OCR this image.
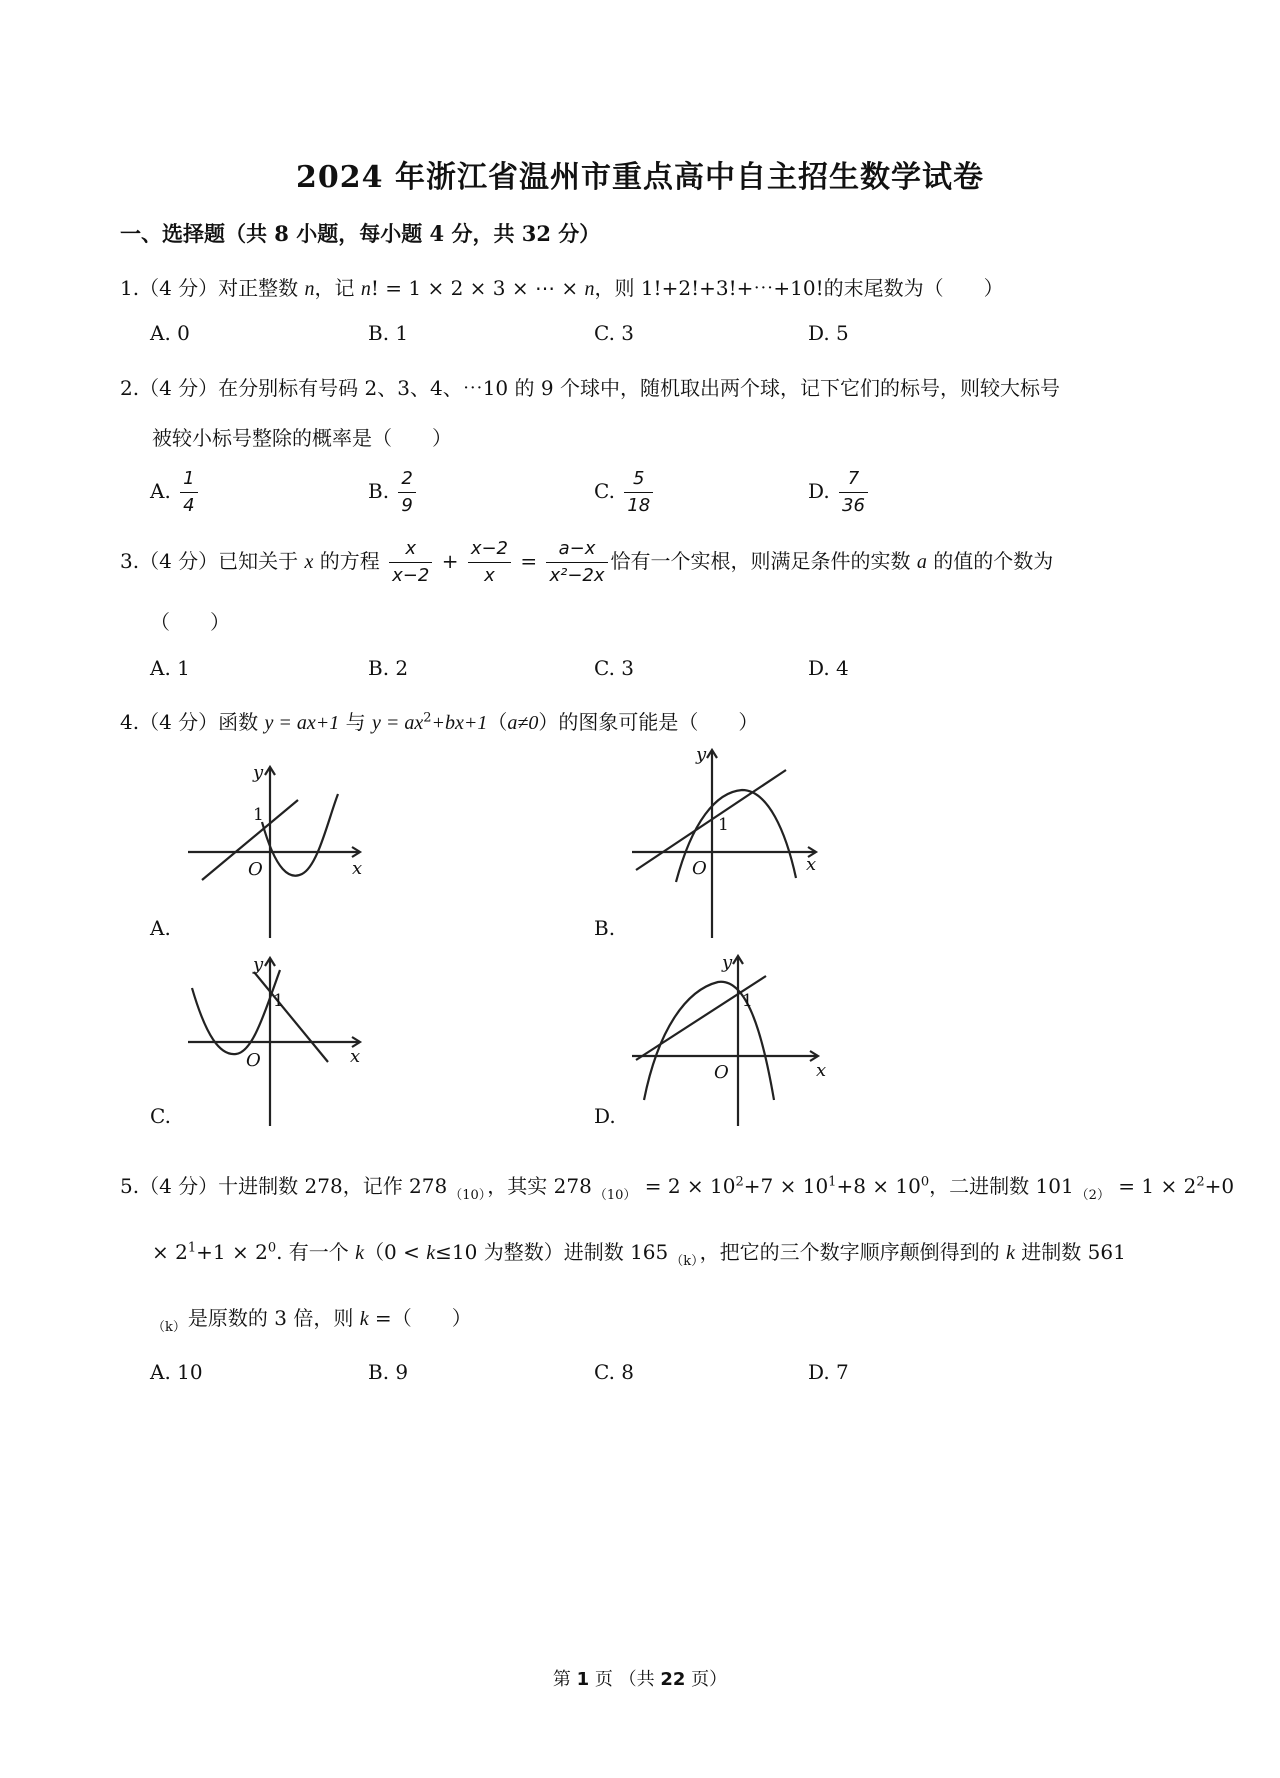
2024 年浙江省温州市重点高中自主招生数学试卷
一、选择题（共 8 小题，每小题 4 分，共 32 分）
1.（4 分）对正整数 n，记 n! = 1 × 2 × 3 × ⋯ × n，则 1!+2!+3!+⋯+10!的末尾数为（　　）
A. 0	B. 1	C. 3	D. 5
2.（4 分）在分别标有号码 2、3、4、⋯10 的 9 个球中，随机取出两个球，记下它们的标号，则较大标号
被较小标号整除的概率是（　　）
A. $\frac{1}{4}$	B. $\frac{2}{9}$	C. $\frac{5}{18}$	D. $\frac{7}{36}$
3.（4 分）已知关于 x 的方程 $\frac{x}{x-2} + \frac{x-2}{x} = \frac{a-x}{\text{x²−2x}}$ 恰有一个实根，则满足条件的实数 a 的值的个数为
（　　）
A. 1	B. 2	C. 3	D. 4
4.（4 分）函数 y = ax+1 与 $y = ax^2+bx+1(a\ne 0)$的图象可能是（　　）
y
1
O	x
A.
y
1
O	x
B.
y
1
O	x
C.
y
1
O	x
D.
5.（4 分）十进制数 278，记作 278 $_{(10)}$ ，其实 278 $_{(10)} = 2 \times 10^2+7 \times 10^1+8 \times 10^0$，二进制数 101 $_{(2)} = 1 \times 2^2+0$
× $2^1+1 \times 2^0$. 有一个 k（0 < k≤10 为整数）进制数 165 $_{(k)}$ ，把它的三个数字顺序颠倒得到的 k 进制数 561
$_{(k)}$ 是原数的 3 倍，则 k =（　　）
A. 10	B. 9	C. 8	D. 7
第 1 页 （共 22 页）
